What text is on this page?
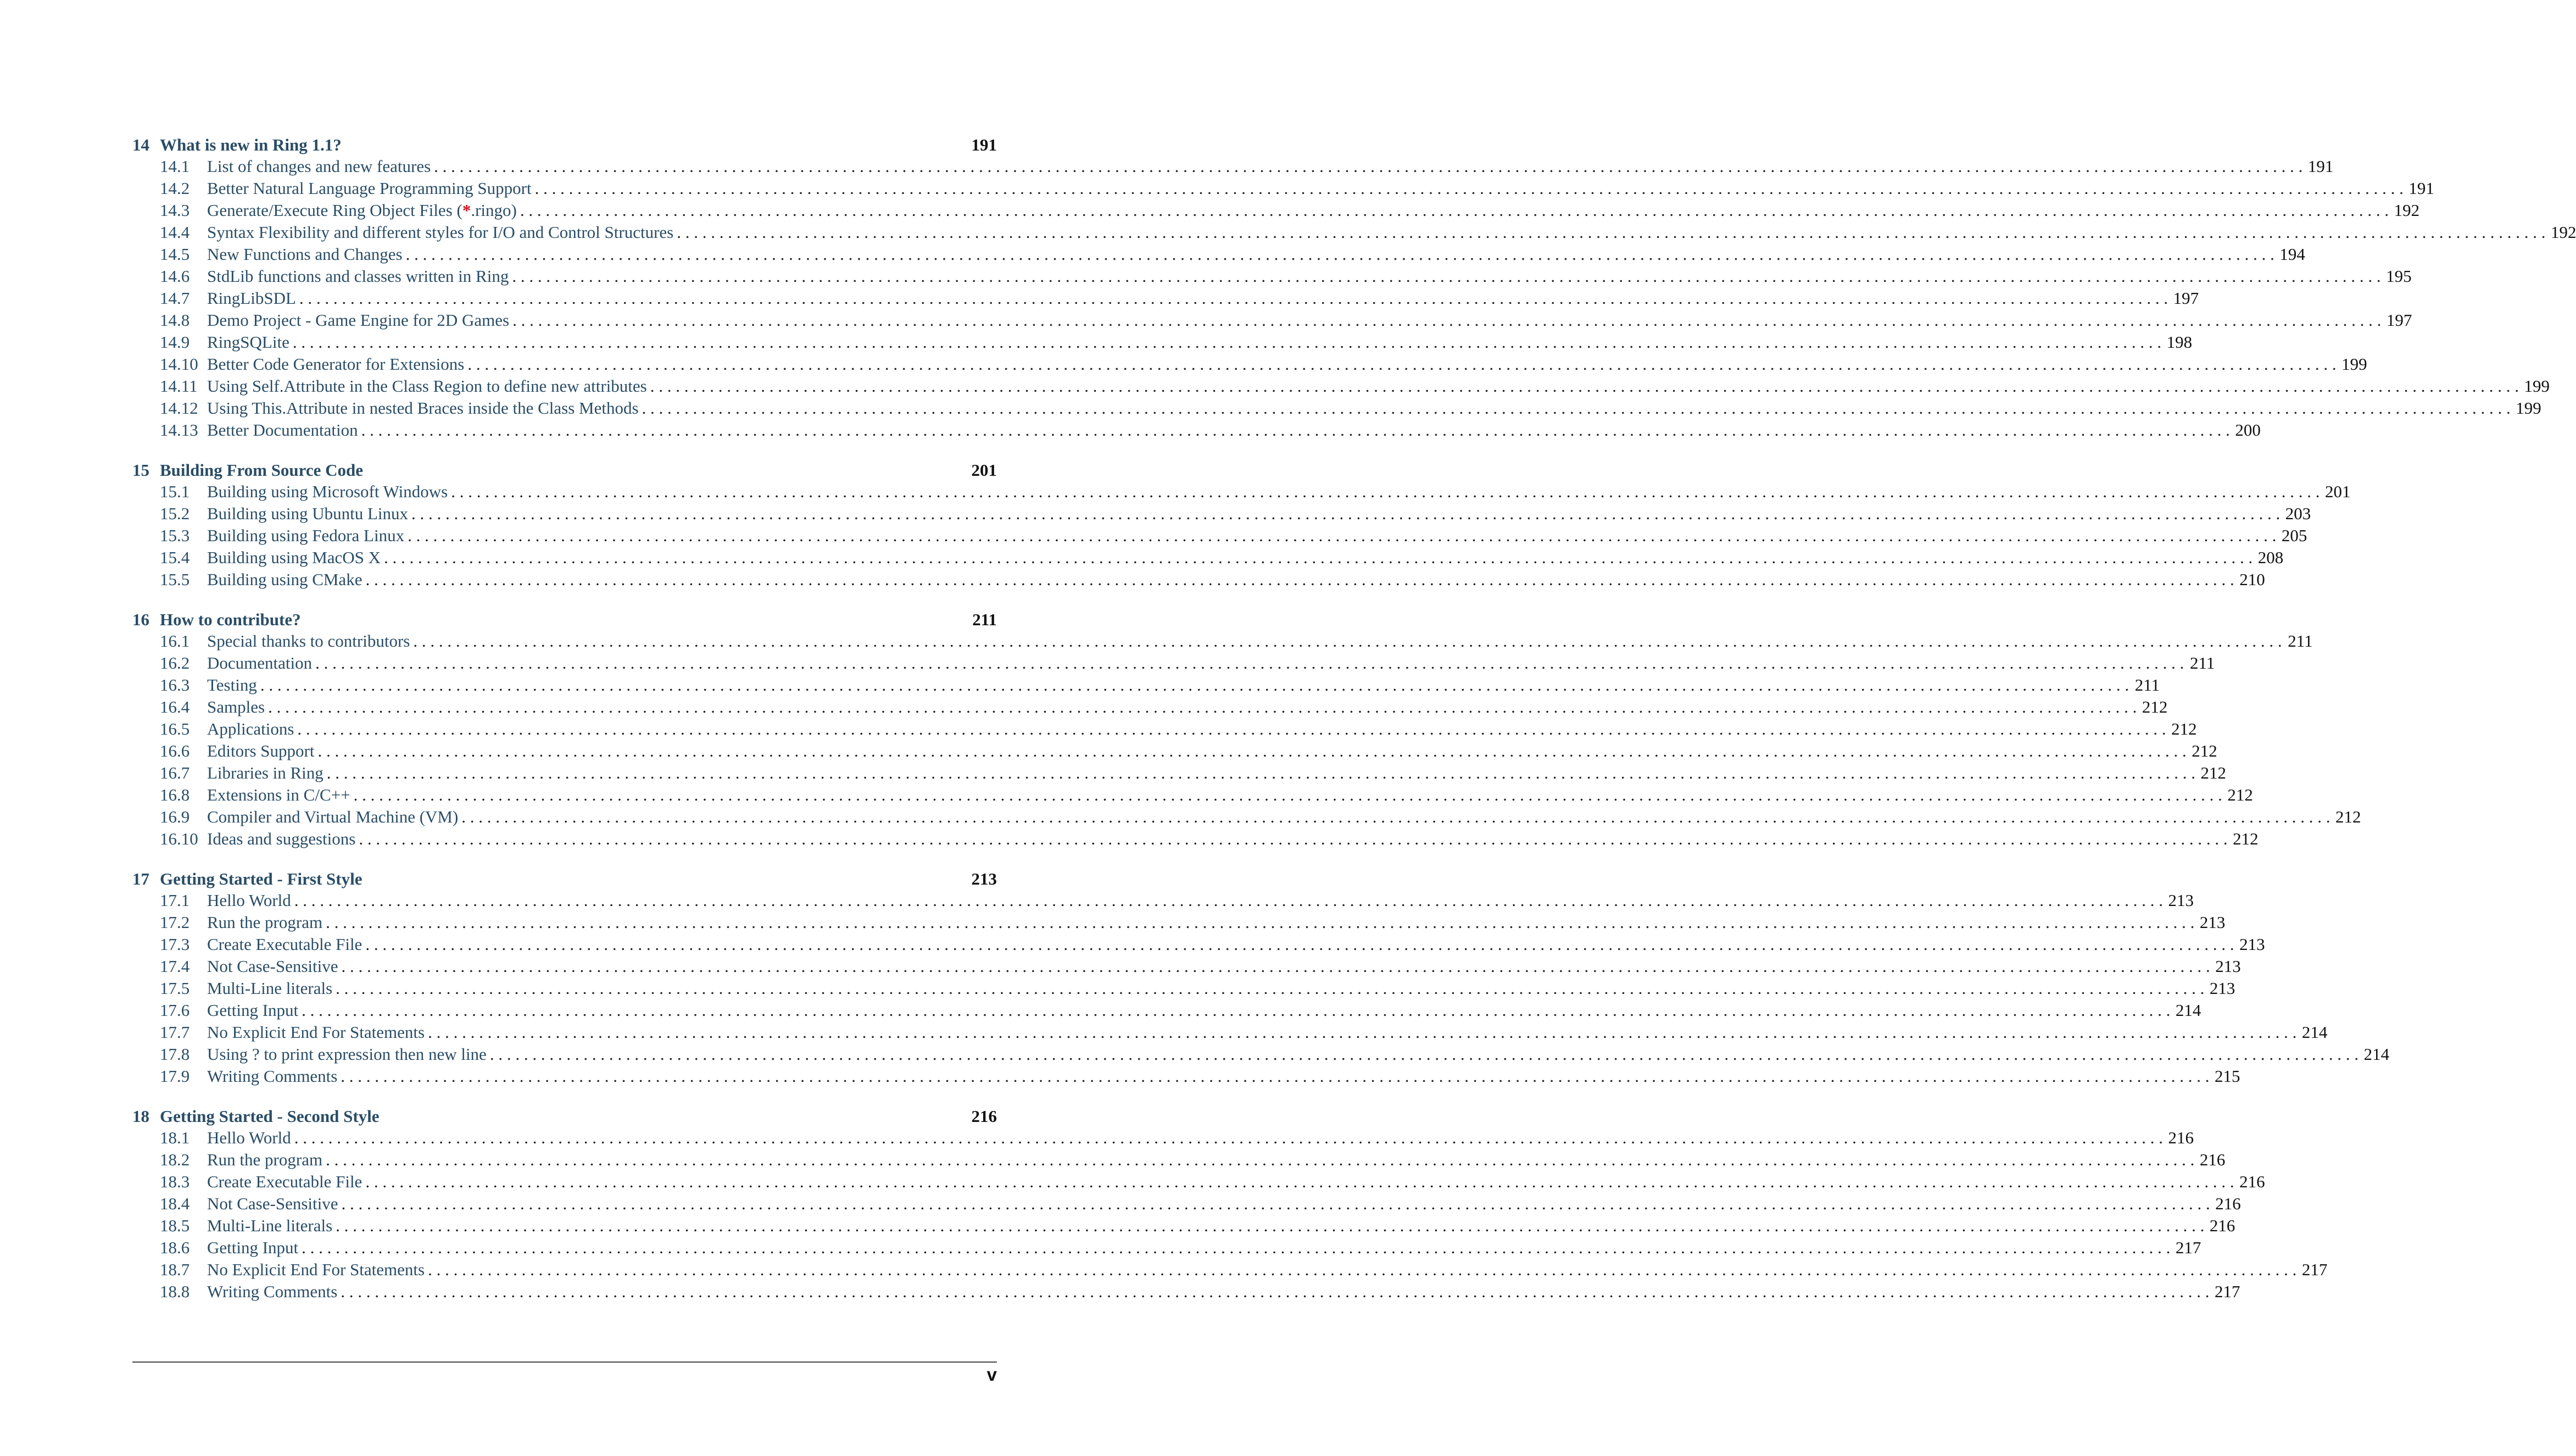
14 What is new in Ring 1.1?	191
14.1	List of changes and new features . . . . . . . . . . . . . . . . . . . . . . . . . . . . . . . . . . . . . . . . . . . . . . . . . . . . . . . . . . . . . . . . . . . . . . . . . . . . . . . . . . . . . . . . . . . . . . . . . . . . . . . . . . . . . . . . . . . . . . . . . . . . . . . . . . . . . . . . . . . . . . . . . . . . . . . . . . . . . . . . . . . . . . . . . . . . . . . . . . . . . . . . . . . . . . . . . . . . . . . . . . . . . . . . . . . . . . . . . . . . 191
14.2	Better Natural Language Programming Support . . . . . . . . . . . . . . . . . . . . . . . . . . . . . . . . . . . . . . . . . . . . . . . . . . . . . . . . . . . . . . . . . . . . . . . . . . . . . . . . . . . . . . . . . . . . . . . . . . . . . . . . . . . . . . . . . . . . . . . . . . . . . . . . . . . . . . . . . . . . . . . . . . . . . . . . . . . . . . . . . . . . . . . . . . . . . . . . . . . . . . . . . . . . . . . . . . . . . . . . . . . . . . . . . . . . . . . . . . . . 191
14.3	Generate/Execute Ring Object Files (*.ringo) . . . . . . . . . . . . . . . . . . . . . . . . . . . . . . . . . . . . . . . . . . . . . . . . . . . . . . . . . . . . . . . . . . . . . . . . . . . . . . . . . . . . . . . . . . . . . . . . . . . . . . . . . . . . . . . . . . . . . . . . . . . . . . . . . . . . . . . . . . . . . . . . . . . . . . . . . . . . . . . . . . . . . . . . . . . . . . . . . . . . . . . . . . . . . . . . . . . . . . . . . . . . . . . . . . . . . . . . . . . . 192
14.4	Syntax Flexibility and different styles for I/O and Control Structures . . . . . . . . . . . . . . . . . . . . . . . . . . . . . . . . . . . . . . . . . . . . . . . . . . . . . . . . . . . . . . . . . . . . . . . . . . . . . . . . . . . . . . . . . . . . . . . . . . . . . . . . . . . . . . . . . . . . . . . . . . . . . . . . . . . . . . . . . . . . . . . . . . . . . . . . . . . . . . . . . . . . . . . . . . . . . . . . . . . . . . . . . . . . . . . . . . . . . . . . . . . . . . . . . . . . . . . . . . . . 192
14.5	New Functions and Changes . . . . . . . . . . . . . . . . . . . . . . . . . . . . . . . . . . . . . . . . . . . . . . . . . . . . . . . . . . . . . . . . . . . . . . . . . . . . . . . . . . . . . . . . . . . . . . . . . . . . . . . . . . . . . . . . . . . . . . . . . . . . . . . . . . . . . . . . . . . . . . . . . . . . . . . . . . . . . . . . . . . . . . . . . . . . . . . . . . . . . . . . . . . . . . . . . . . . . . . . . . . . . . . . . . . . . . . . . . . . 194
14.6	StdLib functions and classes written in Ring . . . . . . . . . . . . . . . . . . . . . . . . . . . . . . . . . . . . . . . . . . . . . . . . . . . . . . . . . . . . . . . . . . . . . . . . . . . . . . . . . . . . . . . . . . . . . . . . . . . . . . . . . . . . . . . . . . . . . . . . . . . . . . . . . . . . . . . . . . . . . . . . . . . . . . . . . . . . . . . . . . . . . . . . . . . . . . . . . . . . . . . . . . . . . . . . . . . . . . . . . . . . . . . . . . . . . . . . . . . . 195
14.7	RingLibSDL . . . . . . . . . . . . . . . . . . . . . . . . . . . . . . . . . . . . . . . . . . . . . . . . . . . . . . . . . . . . . . . . . . . . . . . . . . . . . . . . . . . . . . . . . . . . . . . . . . . . . . . . . . . . . . . . . . . . . . . . . . . . . . . . . . . . . . . . . . . . . . . . . . . . . . . . . . . . . . . . . . . . . . . . . . . . . . . . . . . . . . . . . . . . . . . . . . . . . . . . . . . . . . . . . . . . . . . . . . . . 197
14.8	Demo Project - Game Engine for 2D Games . . . . . . . . . . . . . . . . . . . . . . . . . . . . . . . . . . . . . . . . . . . . . . . . . . . . . . . . . . . . . . . . . . . . . . . . . . . . . . . . . . . . . . . . . . . . . . . . . . . . . . . . . . . . . . . . . . . . . . . . . . . . . . . . . . . . . . . . . . . . . . . . . . . . . . . . . . . . . . . . . . . . . . . . . . . . . . . . . . . . . . . . . . . . . . . . . . . . . . . . . . . . . . . . . . . . . . . . . . . . 197
14.9	RingSQLite . . . . . . . . . . . . . . . . . . . . . . . . . . . . . . . . . . . . . . . . . . . . . . . . . . . . . . . . . . . . . . . . . . . . . . . . . . . . . . . . . . . . . . . . . . . . . . . . . . . . . . . . . . . . . . . . . . . . . . . . . . . . . . . . . . . . . . . . . . . . . . . . . . . . . . . . . . . . . . . . . . . . . . . . . . . . . . . . . . . . . . . . . . . . . . . . . . . . . . . . . . . . . . . . . . . . . . . . . . . . 198
14.10 Better Code Generator for Extensions . . . . . . . . . . . . . . . . . . . . . . . . . . . . . . . . . . . . . . . . . . . . . . . . . . . . . . . . . . . . . . . . . . . . . . . . . . . . . . . . . . . . . . . . . . . . . . . . . . . . . . . . . . . . . . . . . . . . . . . . . . . . . . . . . . . . . . . . . . . . . . . . . . . . . . . . . . . . . . . . . . . . . . . . . . . . . . . . . . . . . . . . . . . . . . . . . . . . . . . . . . . . . . . . . . . . . . . . . . . . 199
14.11 Using Self.Attribute in the Class Region to define new attributes . . . . . . . . . . . . . . . . . . . . . . . . . . . . . . . . . . . . . . . . . . . . . . . . . . . . . . . . . . . . . . . . . . . . . . . . . . . . . . . . . . . . . . . . . . . . . . . . . . . . . . . . . . . . . . . . . . . . . . . . . . . . . . . . . . . . . . . . . . . . . . . . . . . . . . . . . . . . . . . . . . . . . . . . . . . . . . . . . . . . . . . . . . . . . . . . . . . . . . . . . . . . . . . . . . . . . . . . . . . . 199
14.12 Using This.Attribute in nested Braces inside the Class Methods . . . . . . . . . . . . . . . . . . . . . . . . . . . . . . . . . . . . . . . . . . . . . . . . . . . . . . . . . . . . . . . . . . . . . . . . . . . . . . . . . . . . . . . . . . . . . . . . . . . . . . . . . . . . . . . . . . . . . . . . . . . . . . . . . . . . . . . . . . . . . . . . . . . . . . . . . . . . . . . . . . . . . . . . . . . . . . . . . . . . . . . . . . . . . . . . . . . . . . . . . . . . . . . . . . . . . . . . . . . . 199
14.13 Better Documentation . . . . . . . . . . . . . . . . . . . . . . . . . . . . . . . . . . . . . . . . . . . . . . . . . . . . . . . . . . . . . . . . . . . . . . . . . . . . . . . . . . . . . . . . . . . . . . . . . . . . . . . . . . . . . . . . . . . . . . . . . . . . . . . . . . . . . . . . . . . . . . . . . . . . . . . . . . . . . . . . . . . . . . . . . . . . . . . . . . . . . . . . . . . . . . . . . . . . . . . . . . . . . . . . . . . . . . . . . . . . 200
15 Building From Source Code	201
15.1	Building using Microsoft Windows . . . . . . . . . . . . . . . . . . . . . . . . . . . . . . . . . . . . . . . . . . . . . . . . . . . . . . . . . . . . . . . . . . . . . . . . . . . . . . . . . . . . . . . . . . . . . . . . . . . . . . . . . . . . . . . . . . . . . . . . . . . . . . . . . . . . . . . . . . . . . . . . . . . . . . . . . . . . . . . . . . . . . . . . . . . . . . . . . . . . . . . . . . . . . . . . . . . . . . . . . . . . . . . . . . . . . . . . . . . . 201
15.2	Building using Ubuntu Linux . . . . . . . . . . . . . . . . . . . . . . . . . . . . . . . . . . . . . . . . . . . . . . . . . . . . . . . . . . . . . . . . . . . . . . . . . . . . . . . . . . . . . . . . . . . . . . . . . . . . . . . . . . . . . . . . . . . . . . . . . . . . . . . . . . . . . . . . . . . . . . . . . . . . . . . . . . . . . . . . . . . . . . . . . . . . . . . . . . . . . . . . . . . . . . . . . . . . . . . . . . . . . . . . . . . . . . . . . . . . 203
15.3	Building using Fedora Linux . . . . . . . . . . . . . . . . . . . . . . . . . . . . . . . . . . . . . . . . . . . . . . . . . . . . . . . . . . . . . . . . . . . . . . . . . . . . . . . . . . . . . . . . . . . . . . . . . . . . . . . . . . . . . . . . . . . . . . . . . . . . . . . . . . . . . . . . . . . . . . . . . . . . . . . . . . . . . . . . . . . . . . . . . . . . . . . . . . . . . . . . . . . . . . . . . . . . . . . . . . . . . . . . . . . . . . . . . . . . 205
15.4	Building using MacOS X . . . . . . . . . . . . . . . . . . . . . . . . . . . . . . . . . . . . . . . . . . . . . . . . . . . . . . . . . . . . . . . . . . . . . . . . . . . . . . . . . . . . . . . . . . . . . . . . . . . . . . . . . . . . . . . . . . . . . . . . . . . . . . . . . . . . . . . . . . . . . . . . . . . . . . . . . . . . . . . . . . . . . . . . . . . . . . . . . . . . . . . . . . . . . . . . . . . . . . . . . . . . . . . . . . . . . . . . . . . . 208
15.5	Building using CMake . . . . . . . . . . . . . . . . . . . . . . . . . . . . . . . . . . . . . . . . . . . . . . . . . . . . . . . . . . . . . . . . . . . . . . . . . . . . . . . . . . . . . . . . . . . . . . . . . . . . . . . . . . . . . . . . . . . . . . . . . . . . . . . . . . . . . . . . . . . . . . . . . . . . . . . . . . . . . . . . . . . . . . . . . . . . . . . . . . . . . . . . . . . . . . . . . . . . . . . . . . . . . . . . . . . . . . . . . . . . 210
16 How to contribute?	211
16.1	Special thanks to contributors . . . . . . . . . . . . . . . . . . . . . . . . . . . . . . . . . . . . . . . . . . . . . . . . . . . . . . . . . . . . . . . . . . . . . . . . . . . . . . . . . . . . . . . . . . . . . . . . . . . . . . . . . . . . . . . . . . . . . . . . . . . . . . . . . . . . . . . . . . . . . . . . . . . . . . . . . . . . . . . . . . . . . . . . . . . . . . . . . . . . . . . . . . . . . . . . . . . . . . . . . . . . . . . . . . . . . . . . . . . . 211
16.2	Documentation . . . . . . . . . . . . . . . . . . . . . . . . . . . . . . . . . . . . . . . . . . . . . . . . . . . . . . . . . . . . . . . . . . . . . . . . . . . . . . . . . . . . . . . . . . . . . . . . . . . . . . . . . . . . . . . . . . . . . . . . . . . . . . . . . . . . . . . . . . . . . . . . . . . . . . . . . . . . . . . . . . . . . . . . . . . . . . . . . . . . . . . . . . . . . . . . . . . . . . . . . . . . . . . . . . . . . . . . . . . . 211
16.3	Testing . . . . . . . . . . . . . . . . . . . . . . . . . . . . . . . . . . . . . . . . . . . . . . . . . . . . . . . . . . . . . . . . . . . . . . . . . . . . . . . . . . . . . . . . . . . . . . . . . . . . . . . . . . . . . . . . . . . . . . . . . . . . . . . . . . . . . . . . . . . . . . . . . . . . . . . . . . . . . . . . . . . . . . . . . . . . . . . . . . . . . . . . . . . . . . . . . . . . . . . . . . . . . . . . . . . . . . . . . . . . 211
16.4	Samples . . . . . . . . . . . . . . . . . . . . . . . . . . . . . . . . . . . . . . . . . . . . . . . . . . . . . . . . . . . . . . . . . . . . . . . . . . . . . . . . . . . . . . . . . . . . . . . . . . . . . . . . . . . . . . . . . . . . . . . . . . . . . . . . . . . . . . . . . . . . . . . . . . . . . . . . . . . . . . . . . . . . . . . . . . . . . . . . . . . . . . . . . . . . . . . . . . . . . . . . . . . . . . . . . . . . . . . . . . . . 212
16.5	Applications . . . . . . . . . . . . . . . . . . . . . . . . . . . . . . . . . . . . . . . . . . . . . . . . . . . . . . . . . . . . . . . . . . . . . . . . . . . . . . . . . . . . . . . . . . . . . . . . . . . . . . . . . . . . . . . . . . . . . . . . . . . . . . . . . . . . . . . . . . . . . . . . . . . . . . . . . . . . . . . . . . . . . . . . . . . . . . . . . . . . . . . . . . . . . . . . . . . . . . . . . . . . . . . . . . . . . . . . . . . . 212
16.6	Editors Support . . . . . . . . . . . . . . . . . . . . . . . . . . . . . . . . . . . . . . . . . . . . . . . . . . . . . . . . . . . . . . . . . . . . . . . . . . . . . . . . . . . . . . . . . . . . . . . . . . . . . . . . . . . . . . . . . . . . . . . . . . . . . . . . . . . . . . . . . . . . . . . . . . . . . . . . . . . . . . . . . . . . . . . . . . . . . . . . . . . . . . . . . . . . . . . . . . . . . . . . . . . . . . . . . . . . . . . . . . . . 212
16.7	Libraries in Ring . . . . . . . . . . . . . . . . . . . . . . . . . . . . . . . . . . . . . . . . . . . . . . . . . . . . . . . . . . . . . . . . . . . . . . . . . . . . . . . . . . . . . . . . . . . . . . . . . . . . . . . . . . . . . . . . . . . . . . . . . . . . . . . . . . . . . . . . . . . . . . . . . . . . . . . . . . . . . . . . . . . . . . . . . . . . . . . . . . . . . . . . . . . . . . . . . . . . . . . . . . . . . . . . . . . . . . . . . . . . 212
16.8	Extensions in C/C++ . . . . . . . . . . . . . . . . . . . . . . . . . . . . . . . . . . . . . . . . . . . . . . . . . . . . . . . . . . . . . . . . . . . . . . . . . . . . . . . . . . . . . . . . . . . . . . . . . . . . . . . . . . . . . . . . . . . . . . . . . . . . . . . . . . . . . . . . . . . . . . . . . . . . . . . . . . . . . . . . . . . . . . . . . . . . . . . . . . . . . . . . . . . . . . . . . . . . . . . . . . . . . . . . . . . . . . . . . . . . 212
16.9	Compiler and Virtual Machine (VM) . . . . . . . . . . . . . . . . . . . . . . . . . . . . . . . . . . . . . . . . . . . . . . . . . . . . . . . . . . . . . . . . . . . . . . . . . . . . . . . . . . . . . . . . . . . . . . . . . . . . . . . . . . . . . . . . . . . . . . . . . . . . . . . . . . . . . . . . . . . . . . . . . . . . . . . . . . . . . . . . . . . . . . . . . . . . . . . . . . . . . . . . . . . . . . . . . . . . . . . . . . . . . . . . . . . . . . . . . . . . 212
16.10 Ideas and suggestions . . . . . . . . . . . . . . . . . . . . . . . . . . . . . . . . . . . . . . . . . . . . . . . . . . . . . . . . . . . . . . . . . . . . . . . . . . . . . . . . . . . . . . . . . . . . . . . . . . . . . . . . . . . . . . . . . . . . . . . . . . . . . . . . . . . . . . . . . . . . . . . . . . . . . . . . . . . . . . . . . . . . . . . . . . . . . . . . . . . . . . . . . . . . . . . . . . . . . . . . . . . . . . . . . . . . . . . . . . . . 212
17 Getting Started - First Style	213
17.1	Hello World . . . . . . . . . . . . . . . . . . . . . . . . . . . . . . . . . . . . . . . . . . . . . . . . . . . . . . . . . . . . . . . . . . . . . . . . . . . . . . . . . . . . . . . . . . . . . . . . . . . . . . . . . . . . . . . . . . . . . . . . . . . . . . . . . . . . . . . . . . . . . . . . . . . . . . . . . . . . . . . . . . . . . . . . . . . . . . . . . . . . . . . . . . . . . . . . . . . . . . . . . . . . . . . . . . . . . . . . . . . . 213
17.2	Run the program . . . . . . . . . . . . . . . . . . . . . . . . . . . . . . . . . . . . . . . . . . . . . . . . . . . . . . . . . . . . . . . . . . . . . . . . . . . . . . . . . . . . . . . . . . . . . . . . . . . . . . . . . . . . . . . . . . . . . . . . . . . . . . . . . . . . . . . . . . . . . . . . . . . . . . . . . . . . . . . . . . . . . . . . . . . . . . . . . . . . . . . . . . . . . . . . . . . . . . . . . . . . . . . . . . . . . . . . . . . . 213
17.3	Create Executable File . . . . . . . . . . . . . . . . . . . . . . . . . . . . . . . . . . . . . . . . . . . . . . . . . . . . . . . . . . . . . . . . . . . . . . . . . . . . . . . . . . . . . . . . . . . . . . . . . . . . . . . . . . . . . . . . . . . . . . . . . . . . . . . . . . . . . . . . . . . . . . . . . . . . . . . . . . . . . . . . . . . . . . . . . . . . . . . . . . . . . . . . . . . . . . . . . . . . . . . . . . . . . . . . . . . . . . . . . . . . 213
17.4	Not Case-Sensitive . . . . . . . . . . . . . . . . . . . . . . . . . . . . . . . . . . . . . . . . . . . . . . . . . . . . . . . . . . . . . . . . . . . . . . . . . . . . . . . . . . . . . . . . . . . . . . . . . . . . . . . . . . . . . . . . . . . . . . . . . . . . . . . . . . . . . . . . . . . . . . . . . . . . . . . . . . . . . . . . . . . . . . . . . . . . . . . . . . . . . . . . . . . . . . . . . . . . . . . . . . . . . . . . . . . . . . . . . . . . 213
17.5	Multi-Line literals . . . . . . . . . . . . . . . . . . . . . . . . . . . . . . . . . . . . . . . . . . . . . . . . . . . . . . . . . . . . . . . . . . . . . . . . . . . . . . . . . . . . . . . . . . . . . . . . . . . . . . . . . . . . . . . . . . . . . . . . . . . . . . . . . . . . . . . . . . . . . . . . . . . . . . . . . . . . . . . . . . . . . . . . . . . . . . . . . . . . . . . . . . . . . . . . . . . . . . . . . . . . . . . . . . . . . . . . . . . . 213
17.6	Getting Input . . . . . . . . . . . . . . . . . . . . . . . . . . . . . . . . . . . . . . . . . . . . . . . . . . . . . . . . . . . . . . . . . . . . . . . . . . . . . . . . . . . . . . . . . . . . . . . . . . . . . . . . . . . . . . . . . . . . . . . . . . . . . . . . . . . . . . . . . . . . . . . . . . . . . . . . . . . . . . . . . . . . . . . . . . . . . . . . . . . . . . . . . . . . . . . . . . . . . . . . . . . . . . . . . . . . . . . . . . . . 214
17.7	No Explicit End For Statements . . . . . . . . . . . . . . . . . . . . . . . . . . . . . . . . . . . . . . . . . . . . . . . . . . . . . . . . . . . . . . . . . . . . . . . . . . . . . . . . . . . . . . . . . . . . . . . . . . . . . . . . . . . . . . . . . . . . . . . . . . . . . . . . . . . . . . . . . . . . . . . . . . . . . . . . . . . . . . . . . . . . . . . . . . . . . . . . . . . . . . . . . . . . . . . . . . . . . . . . . . . . . . . . . . . . . . . . . . . . 214
17.8	Using ? to print expression then new line . . . . . . . . . . . . . . . . . . . . . . . . . . . . . . . . . . . . . . . . . . . . . . . . . . . . . . . . . . . . . . . . . . . . . . . . . . . . . . . . . . . . . . . . . . . . . . . . . . . . . . . . . . . . . . . . . . . . . . . . . . . . . . . . . . . . . . . . . . . . . . . . . . . . . . . . . . . . . . . . . . . . . . . . . . . . . . . . . . . . . . . . . . . . . . . . . . . . . . . . . . . . . . . . . . . . . . . . . . . . 214
17.9	Writing Comments . . . . . . . . . . . . . . . . . . . . . . . . . . . . . . . . . . . . . . . . . . . . . . . . . . . . . . . . . . . . . . . . . . . . . . . . . . . . . . . . . . . . . . . . . . . . . . . . . . . . . . . . . . . . . . . . . . . . . . . . . . . . . . . . . . . . . . . . . . . . . . . . . . . . . . . . . . . . . . . . . . . . . . . . . . . . . . . . . . . . . . . . . . . . . . . . . . . . . . . . . . . . . . . . . . . . . . . . . . . . 215
18 Getting Started - Second Style	216
18.1	Hello World . . . . . . . . . . . . . . . . . . . . . . . . . . . . . . . . . . . . . . . . . . . . . . . . . . . . . . . . . . . . . . . . . . . . . . . . . . . . . . . . . . . . . . . . . . . . . . . . . . . . . . . . . . . . . . . . . . . . . . . . . . . . . . . . . . . . . . . . . . . . . . . . . . . . . . . . . . . . . . . . . . . . . . . . . . . . . . . . . . . . . . . . . . . . . . . . . . . . . . . . . . . . . . . . . . . . . . . . . . . . 216
18.2	Run the program . . . . . . . . . . . . . . . . . . . . . . . . . . . . . . . . . . . . . . . . . . . . . . . . . . . . . . . . . . . . . . . . . . . . . . . . . . . . . . . . . . . . . . . . . . . . . . . . . . . . . . . . . . . . . . . . . . . . . . . . . . . . . . . . . . . . . . . . . . . . . . . . . . . . . . . . . . . . . . . . . . . . . . . . . . . . . . . . . . . . . . . . . . . . . . . . . . . . . . . . . . . . . . . . . . . . . . . . . . . . 216
18.3	Create Executable File . . . . . . . . . . . . . . . . . . . . . . . . . . . . . . . . . . . . . . . . . . . . . . . . . . . . . . . . . . . . . . . . . . . . . . . . . . . . . . . . . . . . . . . . . . . . . . . . . . . . . . . . . . . . . . . . . . . . . . . . . . . . . . . . . . . . . . . . . . . . . . . . . . . . . . . . . . . . . . . . . . . . . . . . . . . . . . . . . . . . . . . . . . . . . . . . . . . . . . . . . . . . . . . . . . . . . . . . . . . . 216
18.4	Not Case-Sensitive . . . . . . . . . . . . . . . . . . . . . . . . . . . . . . . . . . . . . . . . . . . . . . . . . . . . . . . . . . . . . . . . . . . . . . . . . . . . . . . . . . . . . . . . . . . . . . . . . . . . . . . . . . . . . . . . . . . . . . . . . . . . . . . . . . . . . . . . . . . . . . . . . . . . . . . . . . . . . . . . . . . . . . . . . . . . . . . . . . . . . . . . . . . . . . . . . . . . . . . . . . . . . . . . . . . . . . . . . . . . 216
18.5	Multi-Line literals . . . . . . . . . . . . . . . . . . . . . . . . . . . . . . . . . . . . . . . . . . . . . . . . . . . . . . . . . . . . . . . . . . . . . . . . . . . . . . . . . . . . . . . . . . . . . . . . . . . . . . . . . . . . . . . . . . . . . . . . . . . . . . . . . . . . . . . . . . . . . . . . . . . . . . . . . . . . . . . . . . . . . . . . . . . . . . . . . . . . . . . . . . . . . . . . . . . . . . . . . . . . . . . . . . . . . . . . . . . . 216
18.6	Getting Input . . . . . . . . . . . . . . . . . . . . . . . . . . . . . . . . . . . . . . . . . . . . . . . . . . . . . . . . . . . . . . . . . . . . . . . . . . . . . . . . . . . . . . . . . . . . . . . . . . . . . . . . . . . . . . . . . . . . . . . . . . . . . . . . . . . . . . . . . . . . . . . . . . . . . . . . . . . . . . . . . . . . . . . . . . . . . . . . . . . . . . . . . . . . . . . . . . . . . . . . . . . . . . . . . . . . . . . . . . . . 217
18.7	No Explicit End For Statements . . . . . . . . . . . . . . . . . . . . . . . . . . . . . . . . . . . . . . . . . . . . . . . . . . . . . . . . . . . . . . . . . . . . . . . . . . . . . . . . . . . . . . . . . . . . . . . . . . . . . . . . . . . . . . . . . . . . . . . . . . . . . . . . . . . . . . . . . . . . . . . . . . . . . . . . . . . . . . . . . . . . . . . . . . . . . . . . . . . . . . . . . . . . . . . . . . . . . . . . . . . . . . . . . . . . . . . . . . . . 217
18.8	Writing Comments . . . . . . . . . . . . . . . . . . . . . . . . . . . . . . . . . . . . . . . . . . . . . . . . . . . . . . . . . . . . . . . . . . . . . . . . . . . . . . . . . . . . . . . . . . . . . . . . . . . . . . . . . . . . . . . . . . . . . . . . . . . . . . . . . . . . . . . . . . . . . . . . . . . . . . . . . . . . . . . . . . . . . . . . . . . . . . . . . . . . . . . . . . . . . . . . . . . . . . . . . . . . . . . . . . . . . . . . . . . . 217
v
